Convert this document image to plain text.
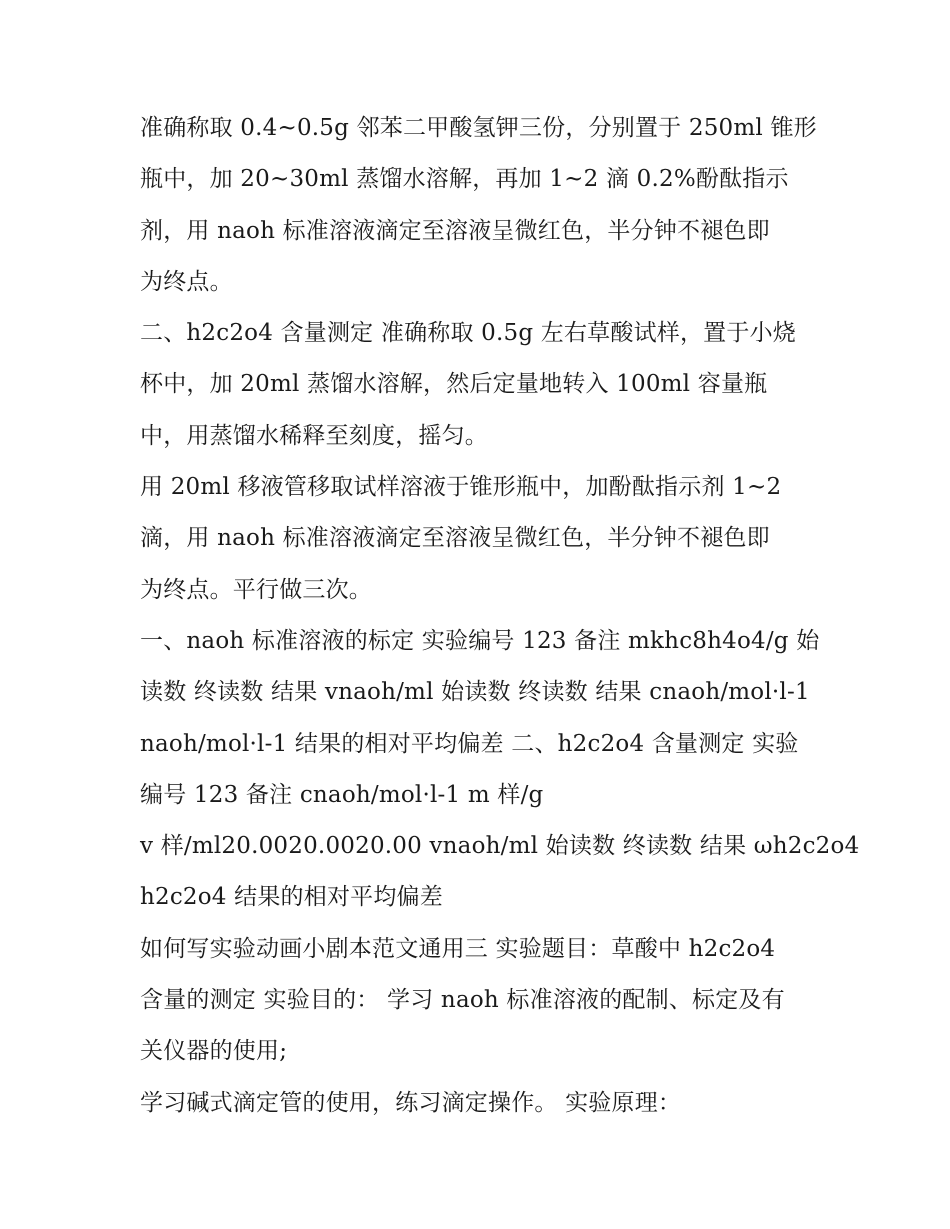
准确称取 0.4~0.5g 邻苯二甲酸氢钾三份，分别置于 250ml 锥形

瓶中，加 20~30ml 蒸馏水溶解，再加 1~2 滴 0.2%酚酞指示

剂，用 naoh 标准溶液滴定至溶液呈微红色，半分钟不褪色即

为终点。

二、h2c2o4 含量测定 准确称取 0.5g 左右草酸试样，置于小烧

杯中，加 20ml 蒸馏水溶解，然后定量地转入 100ml 容量瓶

中，用蒸馏水稀释至刻度，摇匀。

用 20ml 移液管移取试样溶液于锥形瓶中，加酚酞指示剂 1~2

滴，用 naoh 标准溶液滴定至溶液呈微红色，半分钟不褪色即

为终点。平行做三次。

一、naoh 标准溶液的标定 实验编号 123 备注 mkhc8h4o4/g 始

读数 终读数 结果 vnaoh/ml 始读数 终读数 结果 cnaoh/mol·l-1

naoh/mol·l-1 结果的相对平均偏差 二、h2c2o4 含量测定 实验

编号 123 备注 cnaoh/mol·l-1 m 样/g

v 样/ml20.0020.0020.00 vnaoh/ml 始读数 终读数 结果 ωh2c2o4

h2c2o4 结果的相对平均偏差

如何写实验动画小剧本范文通用三 实验题目：草酸中 h2c2o4

含量的测定 实验目的： 学习 naoh 标准溶液的配制、标定及有

关仪器的使用;

学习碱式滴定管的使用，练习滴定操作。 实验原理：
